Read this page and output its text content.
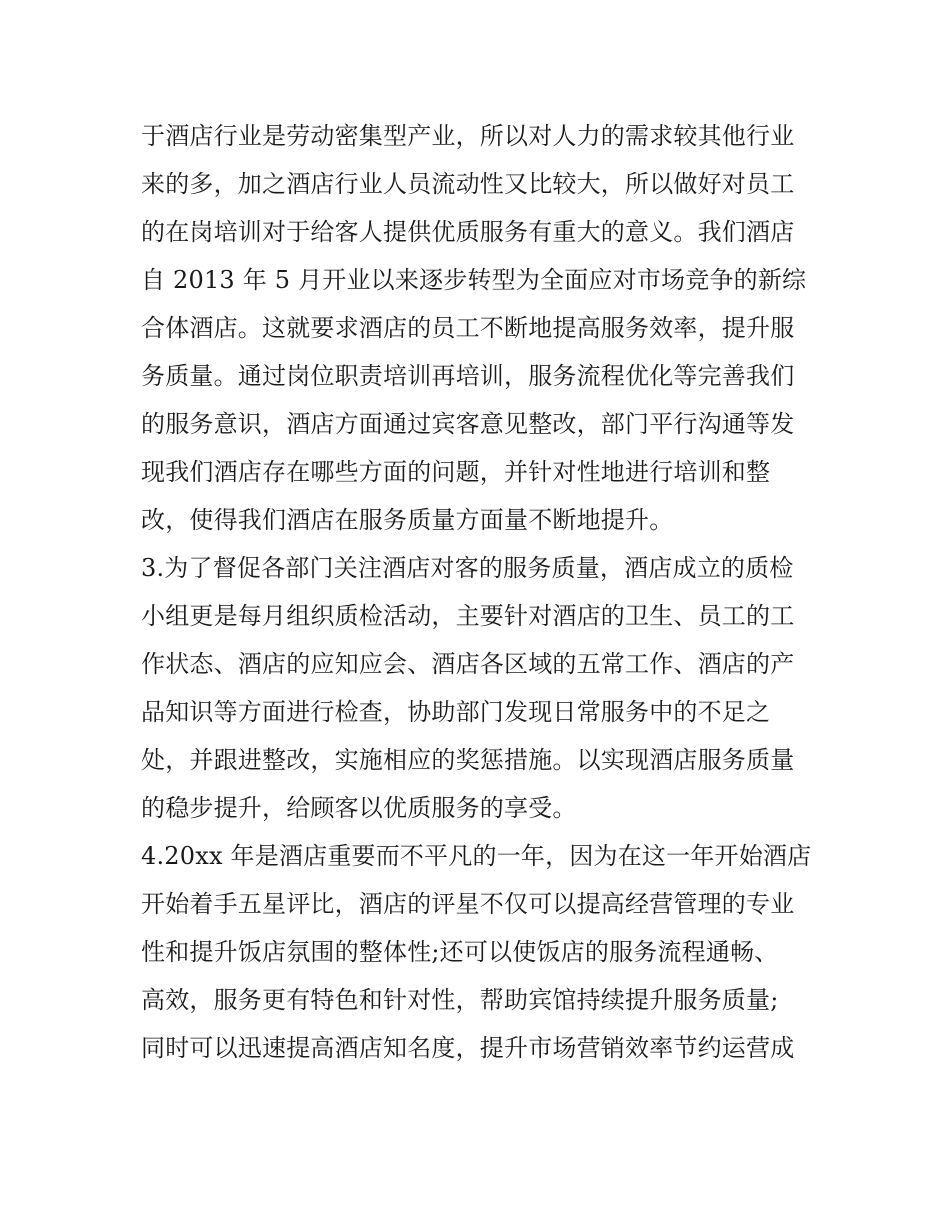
于酒店行业是劳动密集型产业，所以对人力的需求较其他行业
来的多，加之酒店行业人员流动性又比较大，所以做好对员工
的在岗培训对于给客人提供优质服务有重大的意义。我们酒店
自 2013 年 5 月开业以来逐步转型为全面应对市场竞争的新综
合体酒店。这就要求酒店的员工不断地提高服务效率，提升服
务质量。通过岗位职责培训再培训，服务流程优化等完善我们
的服务意识，酒店方面通过宾客意见整改，部门平行沟通等发
现我们酒店存在哪些方面的问题，并针对性地进行培训和整
改，使得我们酒店在服务质量方面量不断地提升。
3.为了督促各部门关注酒店对客的服务质量，酒店成立的质检
小组更是每月组织质检活动，主要针对酒店的卫生、员工的工
作状态、酒店的应知应会、酒店各区域的五常工作、酒店的产
品知识等方面进行检查，协助部门发现日常服务中的不足之
处，并跟进整改，实施相应的奖惩措施。以实现酒店服务质量
的稳步提升，给顾客以优质服务的享受。
4.20xx 年是酒店重要而不平凡的一年，因为在这一年开始酒店
开始着手五星评比，酒店的评星不仅可以提高经营管理的专业
性和提升饭店氛围的整体性;还可以使饭店的服务流程通畅、
高效，服务更有特色和针对性，帮助宾馆持续提升服务质量;
同时可以迅速提高酒店知名度，提升市场营销效率节约运营成
